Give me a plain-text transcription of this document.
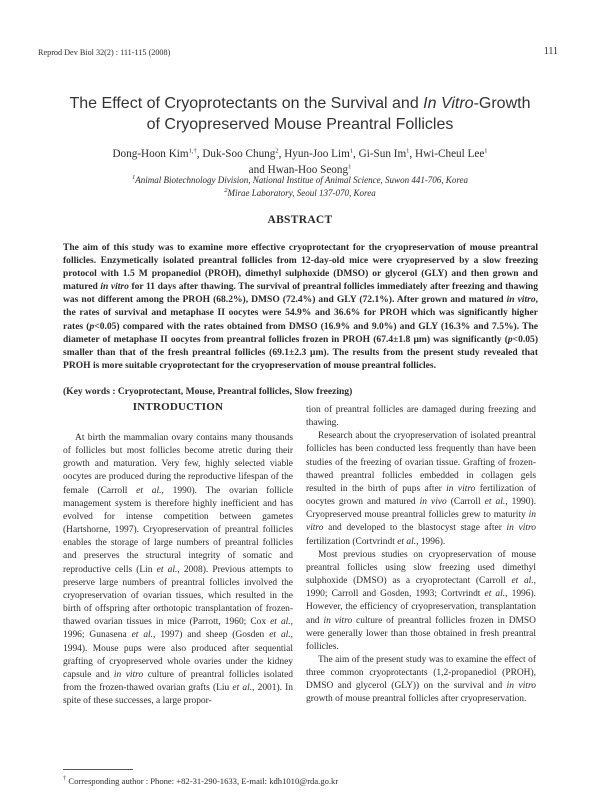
Reprod Dev Biol 32(2) : 111-115 (2008)	111
The Effect of Cryoprotectants on the Survival and In Vitro-Growth
of Cryopreserved Mouse Preantral Follicles
Dong-Hoon Kim$^{1,\dagger}$, Duk-Soo Chung$^2$, Hyun-Joo Lim$^1$, Gi-Sun Im$^1$, Hwi-Cheul Lee$^1$
and Hwan-Hoo Seong$^1$
$^1$Animal Biotechnology Division, National Institue of Animal Science, Suwon 441-706, Korea
$^2$Mirae Laboratory, Seoul 137-070, Korea
ABSTRACT
The aim of this study was to examine more effective cryoprotectant for the cryopreservation of mouse preantral follicles. Enzymetically isolated preantral follicles from 12-day-old mice were cryopreserved by a slow freezing protocol with 1.5 M propanediol (PROH), dimethyl sulphoxide (DMSO) or glycerol (GLY) and then grown and matured in vitro for 11 days after thawing. The survival of preantral follicles immediately after freezing and thawing was not different among the PROH (68.2%), DMSO (72.4%) and GLY (72.1%). After grown and matured in vitro, the rates of survival and metaphase II oocytes were 54.9% and 36.6% for PROH which was significantly higher rates (p<0.05) compared with the rates obtained from DMSO (16.9% and 9.0%) and GLY (16.3% and 7.5%). The diameter of metaphase II oocytes from preantral follicles frozen in PROH (67.4±1.8 μm) was significantly (p<0.05) smaller than that of the fresh preantral follicles (69.1±2.3 μm). The results from the present study revealed that PROH is more suitable cryoprotectant for the cryopreservation of mouse preantral follicles.
(Key words : Cryoprotectant, Mouse, Preantral follicles, Slow freezing)
INTRODUCTION

At birth the mammalian ovary contains many thousands of follicles but most follicles become atretic during their growth and maturation. Very few, highly selected viable oocytes are produced during the reproductive lifespan of the female (Carroll et al., 1990). The ovarian follicle management system is therefore highly inefficient and has evolved for intense competition between gametes (Hartshorne, 1997). Cryopreservation of preantral follicles enables the storage of large numbers of preantral follicles and preserves the structural integrity of somatic and reproductive cells (Lin et al., 2008). Previous attempts to preserve large numbers of preantral follicles involved the cryopreservation of ovarian tissues, which resulted in the birth of offspring after orthotopic transplantation of frozen-thawed ovarian tissues in mice (Parrott, 1960; Cox et al., 1996; Gunasena et al., 1997) and sheep (Gosden et al., 1994). Mouse pups were also produced after sequential grafting of cryopreserved whole ovaries under the kidney capsule and in vitro culture of preantral follicles isolated from the frozen-thawed ovarian grafts (Liu et al., 2001). In spite of these successes, a large propor-

tion of preantral follicles are damaged during freezing and thawing.

Research about the cryopreservation of isolated preantral follicles has been conducted less frequently than have been studies of the freezing of ovarian tissue. Grafting of frozen-thawed preantral follicles embedded in collagen gels resulted in the birth of pups after in vitro fertilization of oocytes grown and matured in vivo (Carroll et al., 1990). Cryopreserved mouse preantral follicles grew to maturity in vitro and developed to the blastocyst stage after in vitro fertilization (Cortvrindt et al., 1996).

Most previous studies on cryopreservation of mouse preantral follicles using slow freezing used dimethyl sulphoxide (DMSO) as a cryoprotectant (Carroll et al., 1990; Carroll and Gosden, 1993; Cortvrindt et al., 1996). However, the efficiency of cryopreservation, transplantation and in vitro culture of preantral follicles frozen in DMSO were generally lower than those obtained in fresh preantral follicles.

The aim of the present study was to examine the effect of three common cryoprotectants (1,2-propanediol (PROH), DMSO and glycerol (GLY)) on the survival and in vitro growth of mouse preantral follicles after cryopreservation.

† Corresponding author : Phone: +82-31-290-1633, E-mail: kdh1010@rda.go.kr
